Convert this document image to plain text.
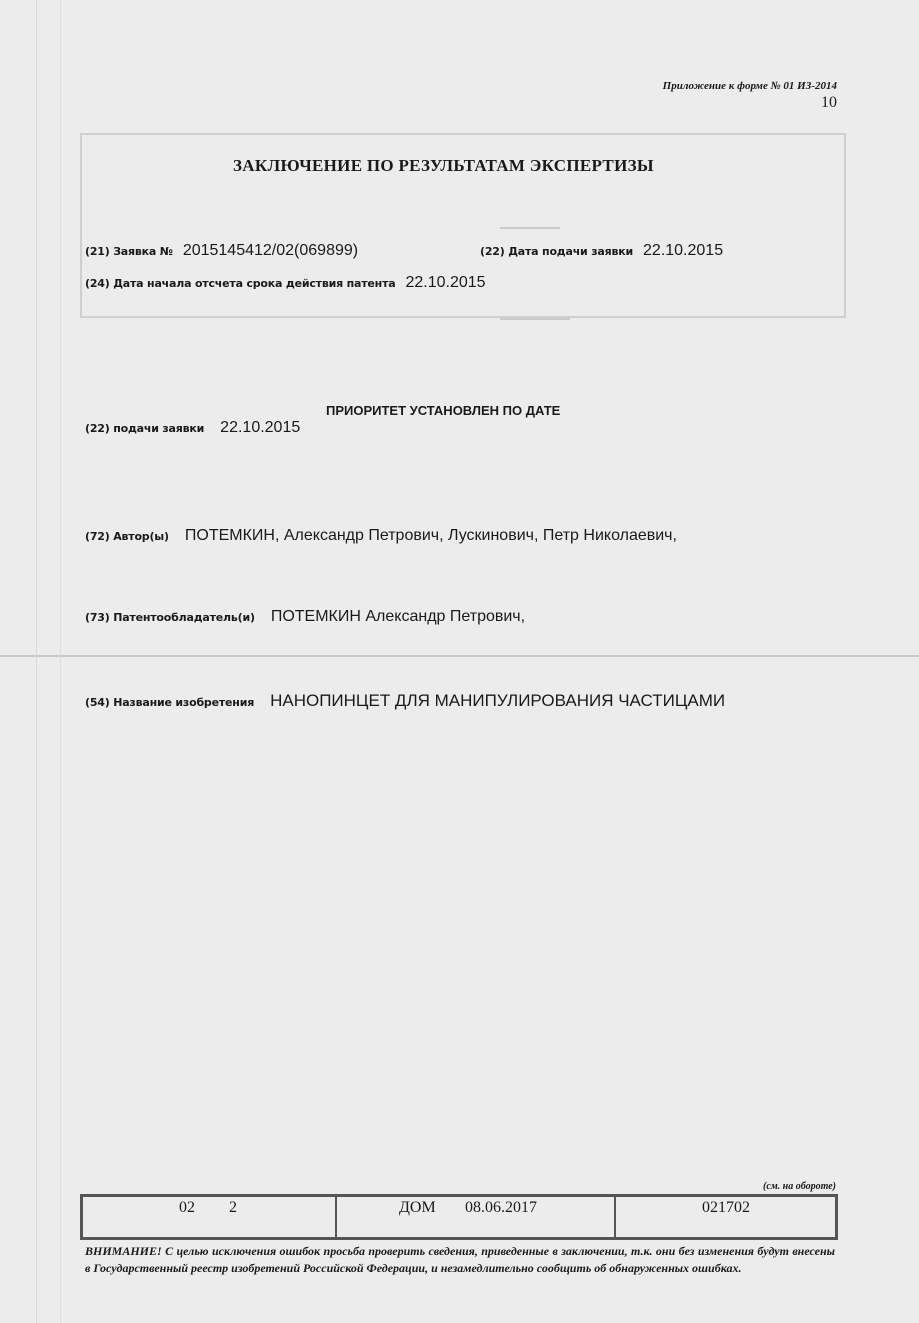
Приложение к форме № 01 ИЗ-2014
10
ЗАКЛЮЧЕНИЕ ПО РЕЗУЛЬТАТАМ ЭКСПЕРТИЗЫ
(21) Заявка № 2015145412/02(069899)	(22) Дата подачи заявки 22.10.2015
(24) Дата начала отсчета срока действия патента 22.10.2015
ПРИОРИТЕТ УСТАНОВЛЕН ПО ДАТЕ
(22) подачи заявки 22.10.2015
(72) Автор(ы) ПОТЕМКИН, Александр Петрович, Лускинович, Петр Николаевич,
(73) Патентообладатель(и) ПОТЕМКИН Александр Петрович,
(54) Название изобретения НАНОПИНЦЕТ ДЛЯ МАНИПУЛИРОВАНИЯ ЧАСТИЦАМИ
(см. на обороте)
02 2	ДОМ 08.06.2017	021702
ВНИМАНИЕ! С целью исключения ошибок просьба проверить сведения, приведенные в заключении, т.к. они без изменения будут внесены в Государственный реестр изобретений Российской Федерации, и незамедлительно сообщить об обнаруженных ошибках.
